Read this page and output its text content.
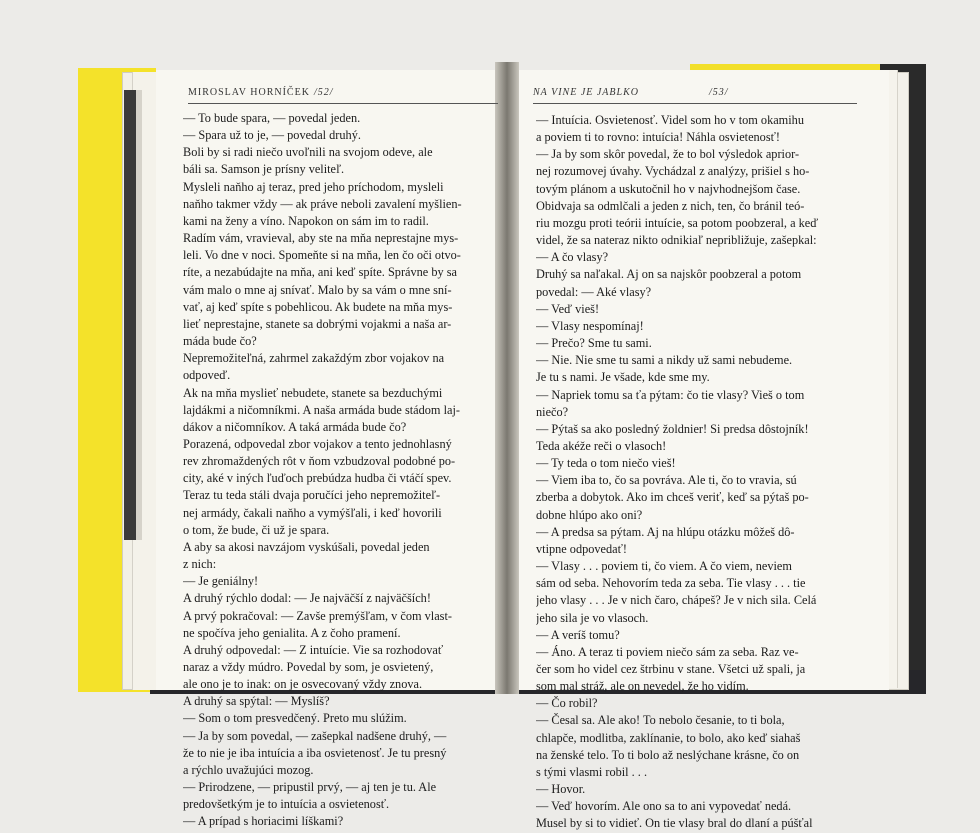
MIROSLAV HORNÍČEK /52/	NA VINE JE JABLKO	/53/
— To bude spara, — povedal jeden.
— Spara už to je, — povedal druhý.
Boli by si radi niečo uvoľnili na svojom odeve, ale
báli sa. Samson je prísny veliteľ.
Mysleli naňho aj teraz, pred jeho príchodom, mysleli
naňho takmer vždy — ak práve neboli zavalení myšlien-
kami na ženy a víno. Napokon on sám im to radil.
Radím vám, vravieval, aby ste na mňa neprestajne mys-
leli. Vo dne v noci. Spomeňte si na mňa, len čo oči otvo-
ríte, a nezabúdajte na mňa, ani keď spíte. Správne by sa
vám malo o mne aj snívať. Malo by sa vám o mne sní-
vať, aj keď spíte s pobehlicou. Ak budete na mňa mys-
lieť neprestajne, stanete sa dobrými vojakmi a naša ar-
máda bude čo?
Nepremožiteľná, zahrmel zakaždým zbor vojakov na
odpoveď.
Ak na mňa myslieť nebudete, stanete sa bezduchými
lajdákmi a ničomníkmi. A naša armáda bude stádom laj-
dákov a ničomníkov. A taká armáda bude čo?
Porazená, odpovedal zbor vojakov a tento jednohlasný
rev zhromaždených rôt v ňom vzbudzoval podobné po-
city, aké v iných ľuďoch prebúdza hudba či vtáčí spev.
Teraz tu teda stáli dvaja poručíci jeho nepremožiteľ-
nej armády, čakali naňho a vymýšľali, i keď hovorili
o tom, že bude, či už je spara.
A aby sa akosi navzájom vyskúšali, povedal jeden
z nich:
— Je geniálny!
A druhý rýchlo dodal: — Je najväčší z najväčších!
A prvý pokračoval: — Zavše premýšľam, v čom vlast-
ne spočíva jeho genialita. A z čoho pramení.
A druhý odpovedal: — Z intuície. Vie sa rozhodovať
naraz a vždy múdro. Povedal by som, je osvietený,
ale ono je to inak: on je osvecovaný vždy znova.
A druhý sa spýtal: — Myslíš?
— Som o tom presvedčený. Preto mu slúžim.
— Ja by som povedal, — zašepkal nadšene druhý, —
že to nie je iba intuícia a iba osvietenosť. Je tu presný
a rýchlo uvažujúci mozog.
— Prirodzene, — pripustil prvý, — aj ten je tu. Ale
predovšetkým je to intuícia a osvietenosť.
— A prípad s horiacimi líškami?
— Intuícia. Osvietenosť. Videl som ho v tom okamihu
a poviem ti to rovno: intuícia! Náhla osvietenosť!
— Ja by som skôr povedal, že to bol výsledok aprior-
nej rozumovej úvahy. Vychádzal z analýzy, prišiel s ho-
tovým plánom a uskutočnil ho v najvhodnejšom čase.
Obidvaja sa odmlčali a jeden z nich, ten, čo bránil teó-
riu mozgu proti teórii intuície, sa potom poobzeral, a keď
videl, že sa nateraz nikto odnikiaľ nepribližuje, zašepkal:
— A čo vlasy?
Druhý sa naľakal. Aj on sa najskôr poobzeral a potom
povedal: — Aké vlasy?
— Veď vieš!
— Vlasy nespomínaj!
— Prečo? Sme tu sami.
— Nie. Nie sme tu sami a nikdy už sami nebudeme.
Je tu s nami. Je všade, kde sme my.
— Napriek tomu sa ťa pýtam: čo tie vlasy? Vieš o tom
niečo?
— Pýtaš sa ako posledný žoldnier! Si predsa dôstojník!
Teda akéže reči o vlasoch!
— Ty teda o tom niečo vieš!
— Viem iba to, čo sa povráva. Ale ti, čo to vravia, sú
zberba a dobytok. Ako im chceš veriť, keď sa pýtaš po-
dobne hlúpo ako oni?
— A predsa sa pýtam. Aj na hlúpu otázku môžeš dô-
vtipne odpovedať!
— Vlasy . . . poviem ti, čo viem. A čo viem, neviem
sám od seba. Nehovorím teda za seba. Tie vlasy . . . tie
jeho vlasy . . . Je v nich čaro, chápeš? Je v nich sila. Celá
jeho sila je vo vlasoch.
— A veríš tomu?
— Áno. A teraz ti poviem niečo sám za seba. Raz ve-
čer som ho videl cez štrbinu v stane. Všetci už spali, ja
som mal stráž, ale on nevedel, že ho vidím.
— Čo robil?
— Česal sa. Ale ako! To nebolo česanie, to ti bola,
chlapče, modlitba, zaklínanie, to bolo, ako keď siahaš
na ženské telo. To ti bolo až neslýchane krásne, čo on
s tými vlasmi robil . . .
— Hovor.
— Veď hovorím. Ale ono sa to ani vypovedať nedá.
Musel by si to vidieť. On tie vlasy bral do dlaní a púšťal
